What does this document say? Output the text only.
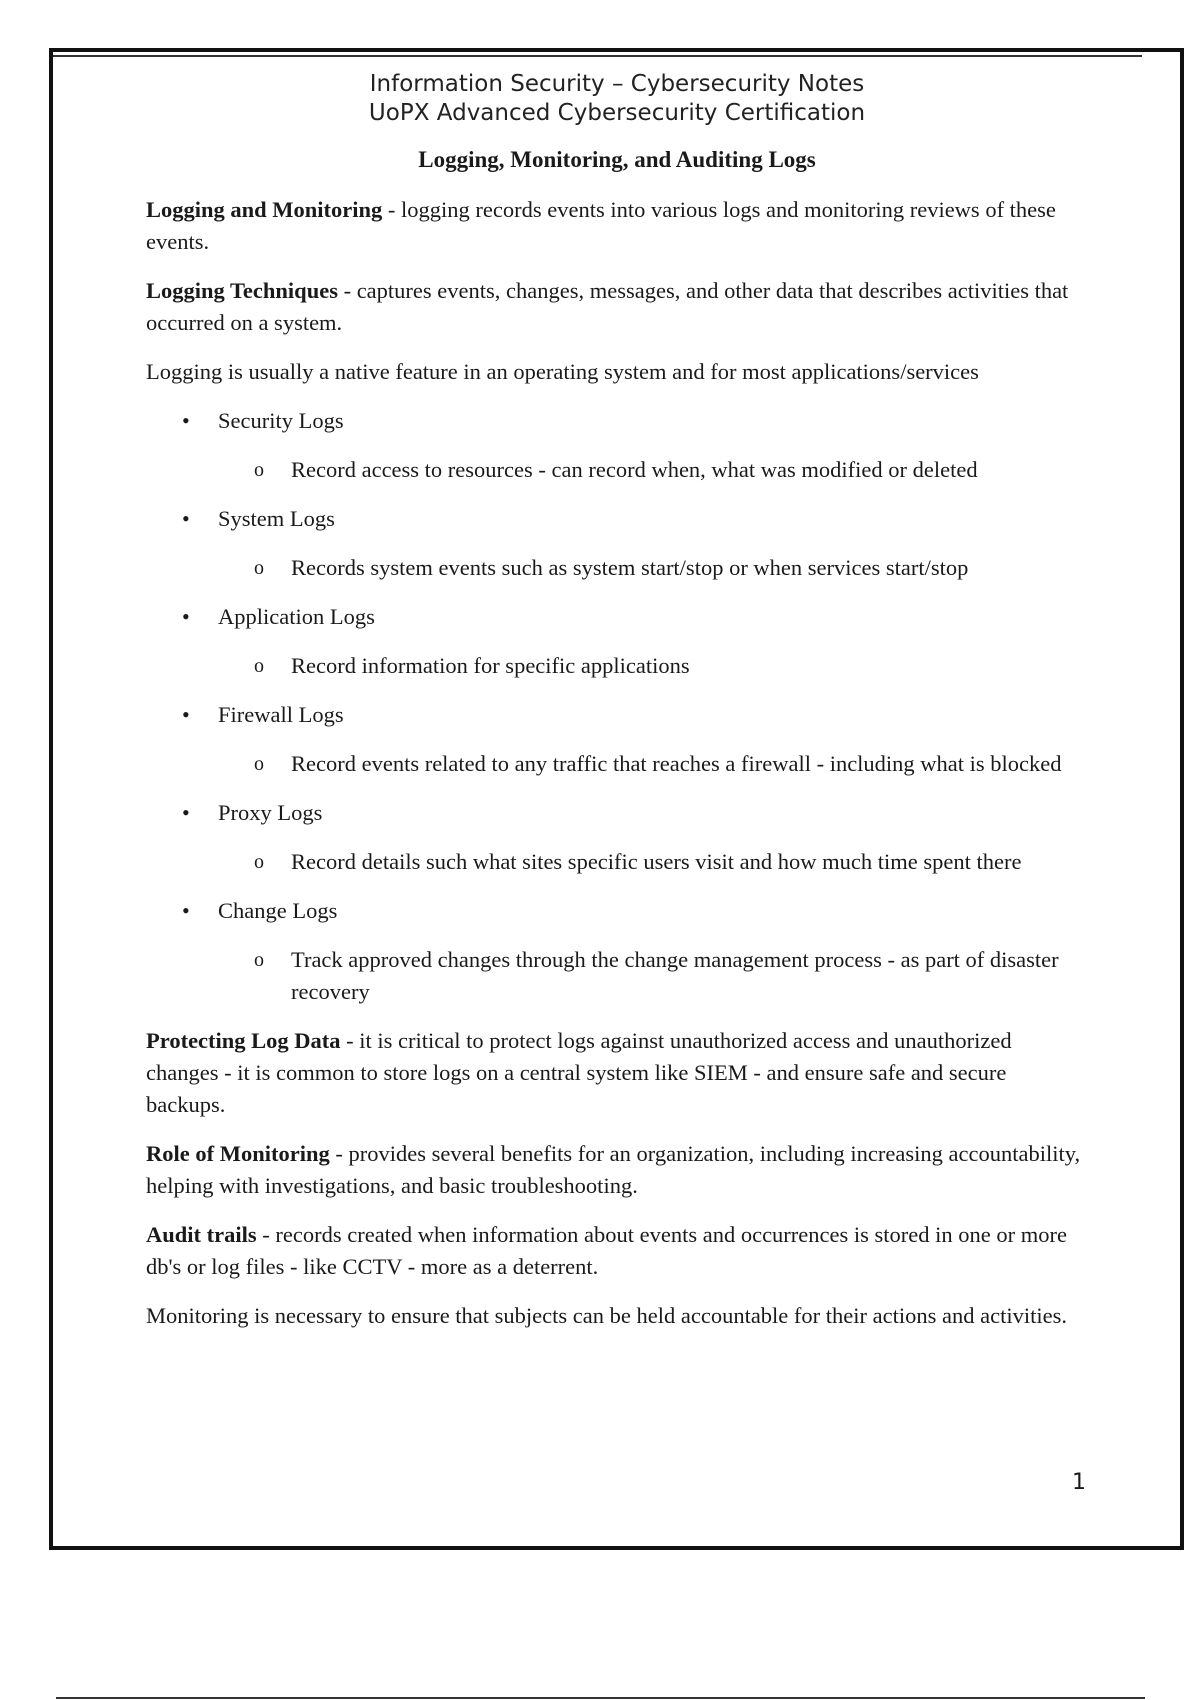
Information Security – Cybersecurity Notes
UoPX Advanced Cybersecurity Certification
Logging, Monitoring, and Auditing Logs

Logging and Monitoring - logging records events into various logs and monitoring reviews of these events.

Logging Techniques - captures events, changes, messages, and other data that describes activities that occurred on a system.

Logging is usually a native feature in an operating system and for most applications/services

• Security Logs
o Record access to resources - can record when, what was modified or deleted
• System Logs
o Records system events such as system start/stop or when services start/stop
• Application Logs
o Record information for specific applications
• Firewall Logs
o Record events related to any traffic that reaches a firewall - including what is blocked
• Proxy Logs
o Record details such what sites specific users visit and how much time spent there
• Change Logs
o Track approved changes through the change management process - as part of disaster recovery

Protecting Log Data - it is critical to protect logs against unauthorized access and unauthorized changes - it is common to store logs on a central system like SIEM - and ensure safe and secure backups.

Role of Monitoring - provides several benefits for an organization, including increasing accountability, helping with investigations, and basic troubleshooting.

Audit trails - records created when information about events and occurrences is stored in one or more db's or log files - like CCTV - more as a deterrent.

Monitoring is necessary to ensure that subjects can be held accountable for their actions and activities.

1
